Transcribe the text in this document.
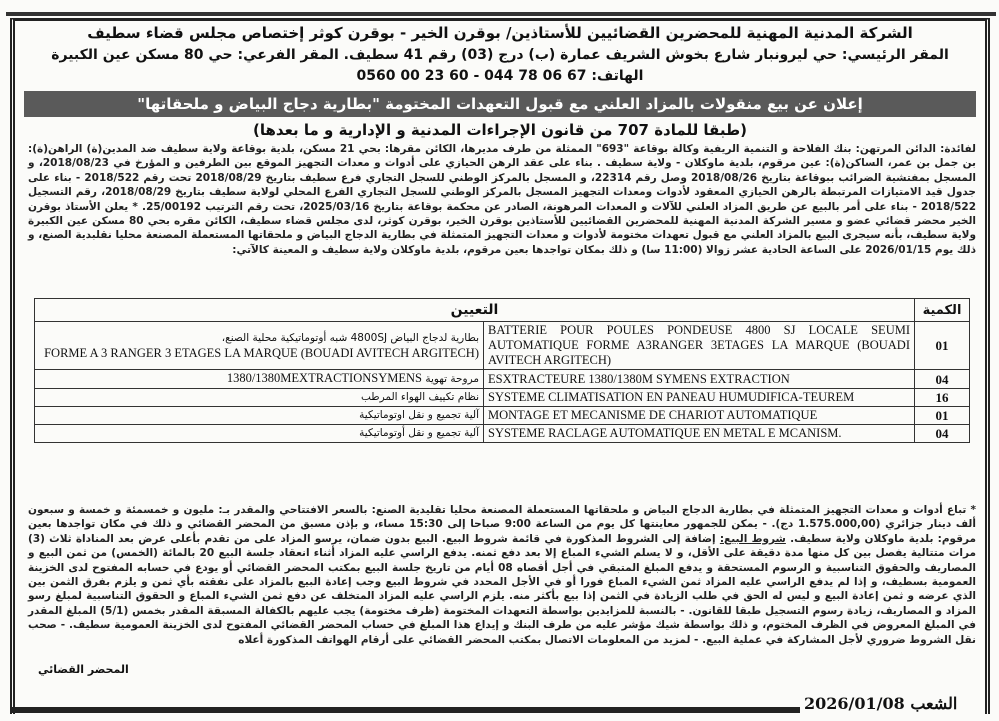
الشركة المدنية المهنية للمحضرين القضائيين للأستاذين/ بوقرن الخير - بوقرن كوثر إختصاص مجلس قضاء سطيف
المقر الرئيسي: حي ليرونبار شارع بخوش الشريف عمارة (ب) درج (03) رقم 41 سطيف. المقر الفرعي: حي 80 مسكن عين الكبيرة
الهاتف: 67 06 78 044 - 60 23 00 0560
إعلان عن بيع منقولات بالمزاد العلني مع قبول التعهدات المختومة "بطارية دجاج البياض و ملحقاتها"
(طبقا للمادة 707 من قانون الإجراءات المدنية و الإدارية و ما بعدها)
لفائدة: الدائن المرتهن: بنك الفلاحة و التنمية الريفية وكالة بوقاعة "693" الممثلة من طرف مديرها، الكائن مقرها: بحي 21 مسكن، بلدية بوقاعة ولاية سطيف ضد المدين(ة) الراهن(ة): بن جمل بن عمر، الساكن(ة): عين مرقوم، بلدية ماوكلان - ولاية سطيف . بناء على عقد الرهن الحيازي على أدوات و معدات التجهيز الموقع بين الطرفين و المؤرخ في 2018/08/23، و المسجل بمفتشية الضرائب ببوقاعة بتاريخ 2018/08/26 وصل رقم 22314، و المسجل بالمركز الوطني للسجل التجاري فرع سطيف بتاريخ 2018/08/29 تحت رقم 2018/522 - بناء على جدول قيد الامتيازات المرتبطة بالرهن الحيازي المعقود لأدوات ومعدات التجهيز المسجل بالمركز الوطني للسجل التجاري الفرع المحلي لولاية سطيف بتاريخ 2018/08/29، رقم التسجيل 2018/522 - بناء على أمر بالبيع عن طريق المزاد العلني للآلات و المعدات المرهونة، الصادر عن محكمة بوقاعة بتاريخ 2025/03/16، تحت رقم الترتيب 25/00192. * يعلن الأستاذ بوقرن الخير محضر قضائي عضو و مسير الشركة المدنية المهنية للمحضرين القضائيين للأستاذين بوقرن الخير، بوقرن كوثر، لدى مجلس قضاء سطيف، الكائن مقره بحي 80 مسكن عين الكبيرة ولاية سطيف، بأنه سيجرى البيع بالمزاد العلني مع قبول تعهدات مختومة لأدوات و معدات التجهيز المتمثلة في بطارية الدجاج البياض و ملحقاتها المستعملة المصنعة محليا نقلبدية الصنع، و ذلك يوم 2026/01/15 على الساعة الحادية عشر زوالا (11:00 سا) و ذلك بمكان تواجدها بعين مرقوم، بلدية ماوكلان ولاية سطيف و المعينة كالآتي:
التعيين		الكمية
بطارية لدجاج البياض 4800SJ شبه أوتوماتيكية محلية الصنع،
FORME A 3 RANGER 3 ETAGES LA MARQUE (BOUADI AVITECH ARGITECH)	BATTERIE POUR POULES PONDEUSE 4800 SJ LOCALE SEUMI AUTOMATIQUE FORME A3RANGER 3ETAGES LA MARQUE (BOUADI AVITECH ARGITECH)	01
مروحة تهوية 1380/1380MEXTRACTIONSYMENS	ESXTRACTEURE 1380/1380M SYMENS EXTRACTION	04
نظام تكييف الهواء المرطب	SYSTEME CLIMATISATION EN PANEAU HUMUDIFICA-TEUREM	16
آلية تجميع و نقل اوتوماتيكية	MONTAGE ET MECANISME DE CHARIOT AUTOMATIQUE	01
آلية تجميع و نقل أوتوماتيكية	SYSTEME RACLAGE AUTOMATIQUE EN METAL E MCANISM.	04
* تباع أدوات و معدات التجهيز المتمثلة في بطارية الدجاج البياض و ملحقاتها المستعملة المصنعة محليا تقليدية الصنع: بالسعر الافتتاحي والمقدر بـ: مليون و خمسمئة و خمسة و سبعون ألف دينار جزائري (1.575.000,00 دج). - يمكن للجمهور معاينتها كل يوم من الساعة 9:00 صباحا إلى 15:30 مساء، و بإذن مسبق من المحضر القضائي و ذلك في مكان تواجدها بعين مرقوم: بلدية ماوكلان ولاية سطيف. شروط البيع: إضافة إلى الشروط المذكورة في قائمة شروط البيع. البيع بدون ضمان، يرسو المزاد على من تقدم بأعلى عرض بعد المناداة ثلاث (3) مرات متتالية يفصل بين كل منها مدة دقيقة على الأقل، و لا يسلم الشيء المباع إلا بعد دفع ثمنه. يدفع الراسي عليه المزاد أثناء انعقاد جلسة البيع 20 بالمائة (الخمس) من ثمن البيع و المصاريف والحقوق التناسبية و الرسوم المستحقة و يدفع المبلغ المتبقي في أجل أقصاه 08 أيام من تاريخ جلسة البيع بمكتب المحضر القضائي أو يودع في حسابه المفتوح لدى الخزينة العمومية بسطيف، و إذا لم يدفع الراسي عليه المزاد ثمن الشيء المباع فورا أو في الأجل المحدد في شروط البيع وجب إعادة البيع بالمزاد على نفقته بأي ثمن و يلزم بفرق الثمن بين الذي عرضه و ثمن إعادة البيع و ليس له الحق في طلب الزيادة في الثمن إذا بيع بأكثر منه. يلزم الراسي عليه المزاد المتخلف عن دفع ثمن الشيء المباع و الحقوق التناسبية لمبلغ رسو المزاد و المصاريف، زيادة رسوم التسجيل طبقا للقانون. - بالنسبة للمزايدين بواسطة التعهدات المختومة (ظرف مختومة) يجب عليهم بالكفالة المسبقة المقدر بخمس (5/1) المبلغ المقدر في المبلغ المعروض في الظرف المختوم، و ذلك بواسطة شيك مؤشر عليه من طرف البنك و إيداع هذا المبلغ في حساب المحضر القضائي المفتوح لدى الخزينة العمومية سطيف. - صحب نقل الشروط ضروري لأجل المشاركة في عملية البيع. - لمزيد من المعلومات الاتصال بمكتب المحضر القضائي على أرقام الهواتف المذكورة أعلاه
المحضر القضائي
الشعب 2026/01/08
